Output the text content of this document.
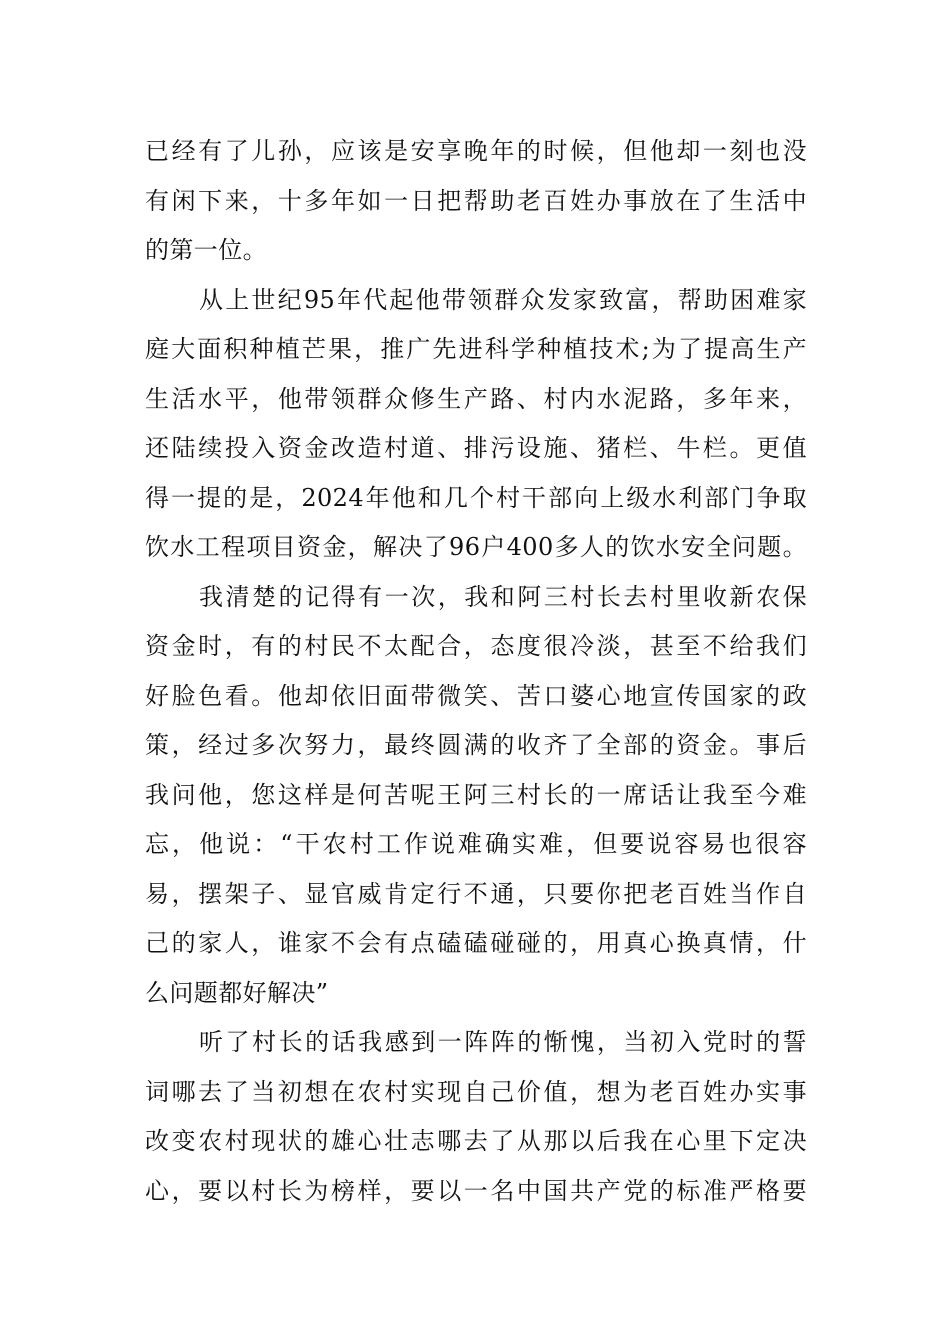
已经有了儿孙，应该是安享晚年的时候，但他却一刻也没
有闲下来，十多年如一日把帮助老百姓办事放在了生活中
的第一位。
从上世纪95年代起他带领群众发家致富，帮助困难家
庭大面积种植芒果，推广先进科学种植技术;为了提高生产
生活水平，他带领群众修生产路、村内水泥路，多年来，
还陆续投入资金改造村道、排污设施、猪栏、牛栏。更值
得一提的是，2024年他和几个村干部向上级水利部门争取
饮水工程项目资金，解决了96户400多人的饮水安全问题。
我清楚的记得有一次，我和阿三村长去村里收新农保
资金时，有的村民不太配合，态度很冷淡，甚至不给我们
好脸色看。他却依旧面带微笑、苦口婆心地宣传国家的政
策，经过多次努力，最终圆满的收齐了全部的资金。事后
我问他，您这样是何苦呢王阿三村长的一席话让我至今难
忘，他说：“干农村工作说难确实难，但要说容易也很容
易，摆架子、显官威肯定行不通，只要你把老百姓当作自
己的家人，谁家不会有点磕磕碰碰的，用真心换真情，什
么问题都好解决”
听了村长的话我感到一阵阵的惭愧，当初入党时的誓
词哪去了当初想在农村实现自己价值，想为老百姓办实事
改变农村现状的雄心壮志哪去了从那以后我在心里下定决
心，要以村长为榜样，要以一名中国共产党的标准严格要
